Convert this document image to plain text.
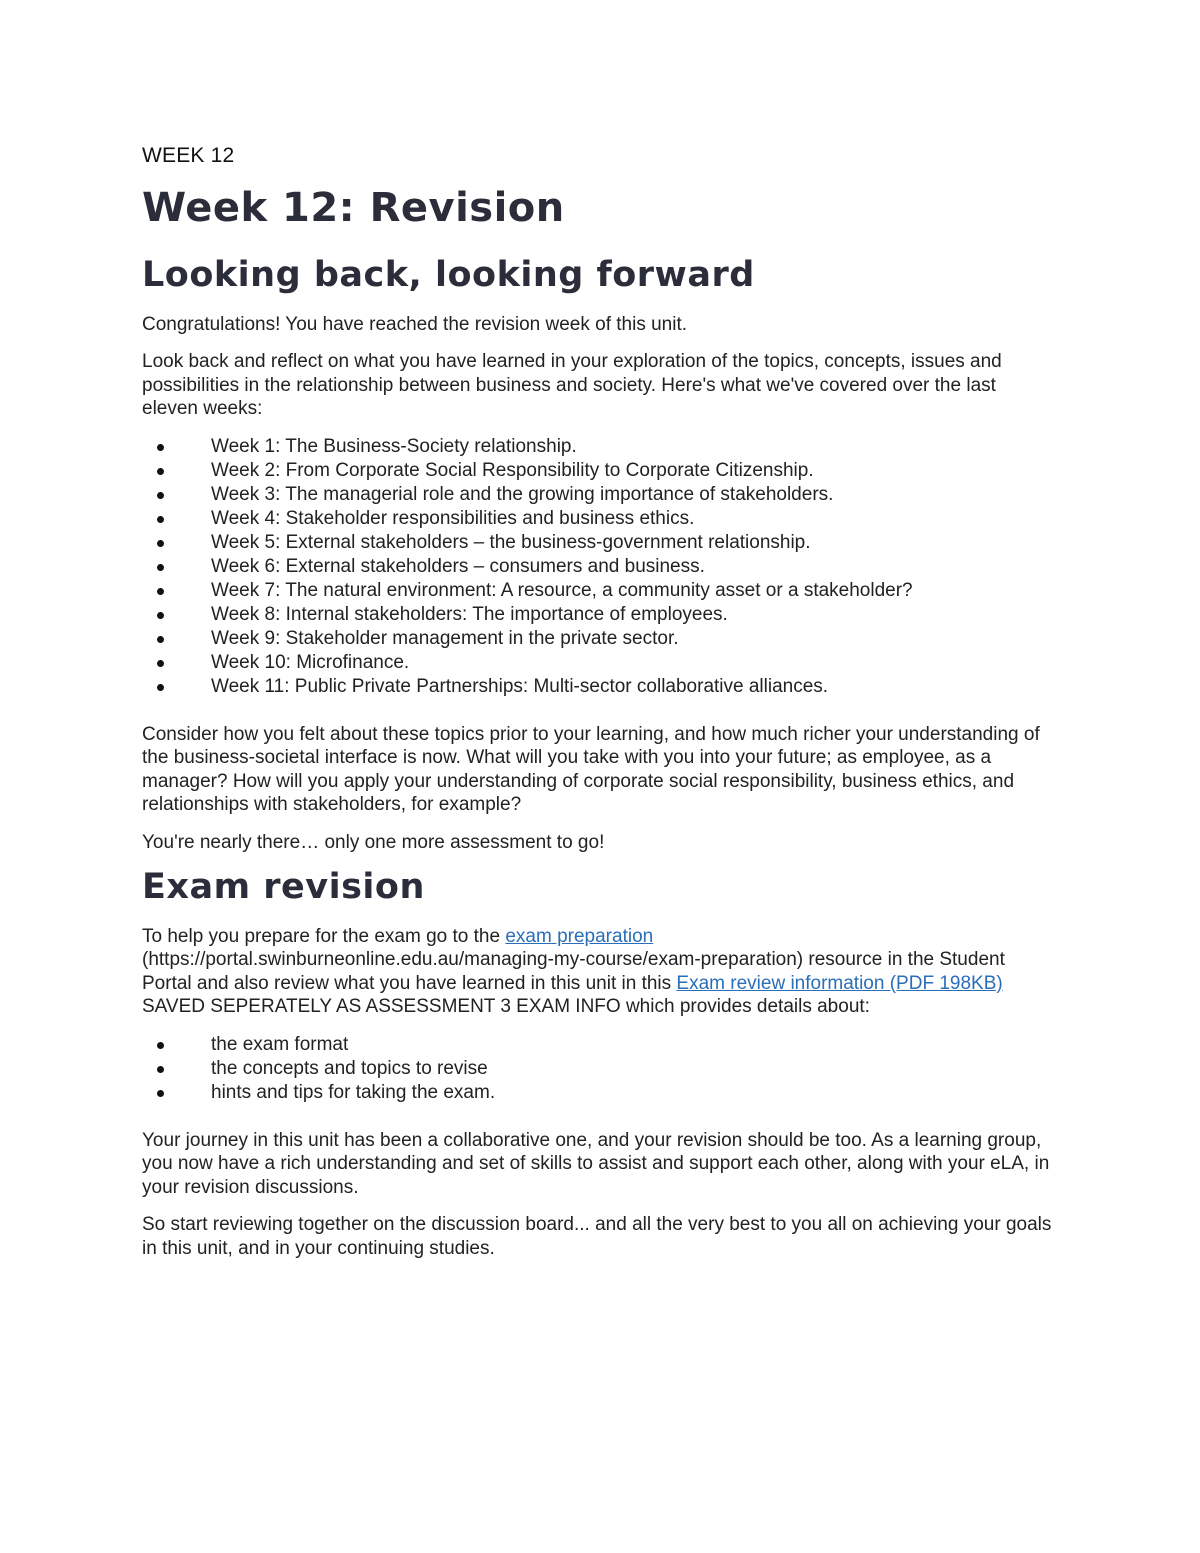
WEEK 12
Week 12: Revision
Looking back, looking forward

Congratulations! You have reached the revision week of this unit.

Look back and reflect on what you have learned in your exploration of the topics, concepts, issues and possibilities in the relationship between business and society. Here's what we've covered over the last eleven weeks:

Week 1: The Business-Society relationship.
Week 2: From Corporate Social Responsibility to Corporate Citizenship.
Week 3: The managerial role and the growing importance of stakeholders.
Week 4: Stakeholder responsibilities and business ethics.
Week 5: External stakeholders – the business-government relationship.
Week 6: External stakeholders – consumers and business.
Week 7: The natural environment: A resource, a community asset or a stakeholder?
Week 8: Internal stakeholders: The importance of employees.
Week 9: Stakeholder management in the private sector.
Week 10: Microfinance.
Week 11: Public Private Partnerships: Multi-sector collaborative alliances.

Consider how you felt about these topics prior to your learning, and how much richer your understanding of the business-societal interface is now. What will you take with you into your future; as employee, as a manager? How will you apply your understanding of corporate social responsibility, business ethics, and relationships with stakeholders, for example?

You're nearly there… only one more assessment to go!

Exam revision

To help you prepare for the exam go to the exam preparation (https://portal.swinburneonline.edu.au/managing-my-course/exam-preparation) resource in the Student Portal and also review what you have learned in this unit in this Exam review information (PDF 198KB) SAVED SEPERATELY AS ASSESSMENT 3 EXAM INFO which provides details about:

the exam format
the concepts and topics to revise
hints and tips for taking the exam.

Your journey in this unit has been a collaborative one, and your revision should be too. As a learning group, you now have a rich understanding and set of skills to assist and support each other, along with your eLA, in your revision discussions.

So start reviewing together on the discussion board... and all the very best to you all on achieving your goals in this unit, and in your continuing studies.
